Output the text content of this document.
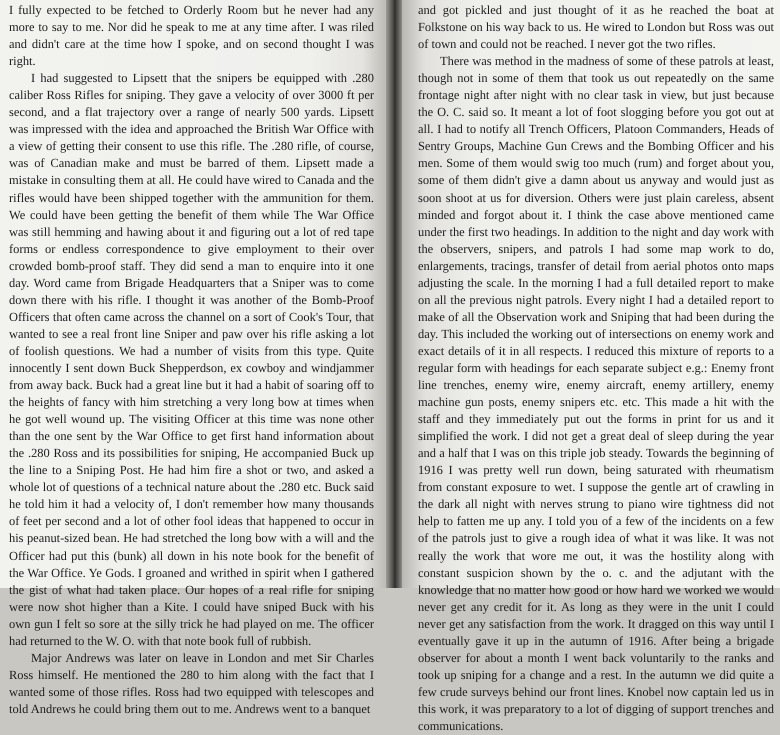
I fully expected to be fetched to Orderly Room but he never had any more to say to me. Nor did he speak to me at any time after. I was riled and didn't care at the time how I spoke, and on second thought I was right.

I had suggested to Lipsett that the snipers be equipped with .280 caliber Ross Rifles for sniping. They gave a velocity of over 3000 ft per second, and a flat trajectory over a range of nearly 500 yards. Lipsett was impressed with the idea and approached the British War Office with a view of getting their consent to use this rifle. The .280 rifle, of course, was of Canadian make and must be barred of them. Lipsett made a mistake in consulting them at all. He could have wired to Canada and the rifles would have been shipped together with the ammunition for them. We could have been getting the benefit of them while The War Office was still hemming and hawing about it and figuring out a lot of red tape forms or endless correspondence to give employment to their over crowded bomb-proof staff. They did send a man to enquire into it one day. Word came from Brigade Headquarters that a Sniper was to come down there with his rifle. I thought it was another of the Bomb-Proof Officers that often came across the channel on a sort of Cook's Tour, that wanted to see a real front line Sniper and paw over his rifle asking a lot of foolish questions. We had a number of visits from this type. Quite innocently I sent down Buck Shepperdson, ex cowboy and windjammer from away back. Buck had a great line but it had a habit of soaring off to the heights of fancy with him stretching a very long bow at times when he got well wound up. The visiting Officer at this time was none other than the one sent by the War Office to get first hand information about the .280 Ross and its possibilities for sniping, He accompanied Buck up the line to a Sniping Post. He had him fire a shot or two, and asked a whole lot of questions of a technical nature about the .280 etc. Buck said he told him it had a velocity of, I don't remember how many thousands of feet per second and a lot of other fool ideas that happened to occur in his peanut-sized bean. He had stretched the long bow with a will and the Officer had put this (bunk) all down in his note book for the benefit of the War Office. Ye Gods. I groaned and writhed in spirit when I gathered the gist of what had taken place. Our hopes of a real rifle for sniping were now shot higher than a Kite. I could have sniped Buck with his own gun I felt so sore at the silly trick he had played on me. The officer had returned to the W. O. with that note book full of rubbish.

Major Andrews was later on leave in London and met Sir Charles Ross himself. He mentioned the 280 to him along with the fact that I wanted some of those rifles. Ross had two equipped with telescopes and told Andrews he could bring them out to me. Andrews went to a banquet

and got pickled and just thought of it as he reached the boat at Folkstone on his way back to us. He wired to London but Ross was out of town and could not be reached. I never got the two rifles.

There was method in the madness of some of these patrols at least, though not in some of them that took us out repeatedly on the same frontage night after night with no clear task in view, but just because the O. C. said so. It meant a lot of foot slogging before you got out at all. I had to notify all Trench Officers, Platoon Commanders, Heads of Sentry Groups, Machine Gun Crews and the Bombing Officer and his men. Some of them would swig too much (rum) and forget about you, some of them didn't give a damn about us anyway and would just as soon shoot at us for diversion. Others were just plain careless, absent minded and forgot about it. I think the case above mentioned came under the first two headings. In addition to the night and day work with the observers, snipers, and patrols I had some map work to do, enlargements, tracings, transfer of detail from aerial photos onto maps adjusting the scale. In the morning I had a full detailed report to make on all the previous night patrols. Every night I had a detailed report to make of all the Observation work and Sniping that had been during the day. This included the working out of intersections on enemy work and exact details of it in all respects. I reduced this mixture of reports to a regular form with headings for each separate subject e.g.: Enemy front line trenches, enemy wire, enemy aircraft, enemy artillery, enemy machine gun posts, enemy snipers etc. etc. This made a hit with the staff and they immediately put out the forms in print for us and it simplified the work. I did not get a great deal of sleep during the year and a half that I was on this triple job steady. Towards the beginning of 1916 I was pretty well run down, being saturated with rheumatism from constant exposure to wet. I suppose the gentle art of crawling in the dark all night with nerves strung to piano wire tightness did not help to fatten me up any. I told you of a few of the incidents on a few of the patrols just to give a rough idea of what it was like. It was not really the work that wore me out, it was the hostility along with constant suspicion shown by the o. c. and the adjutant with the knowledge that no matter how good or how hard we worked we would never get any credit for it. As long as they were in the unit I could never get any satisfaction from the work. It dragged on this way until I eventually gave it up in the autumn of 1916. After being a brigade observer for about a month I went back voluntarily to the ranks and took up sniping for a change and a rest. In the autumn we did quite a few crude surveys behind our front lines. Knobel now captain led us in this work, it was preparatory to a lot of digging of support trenches and communications.
